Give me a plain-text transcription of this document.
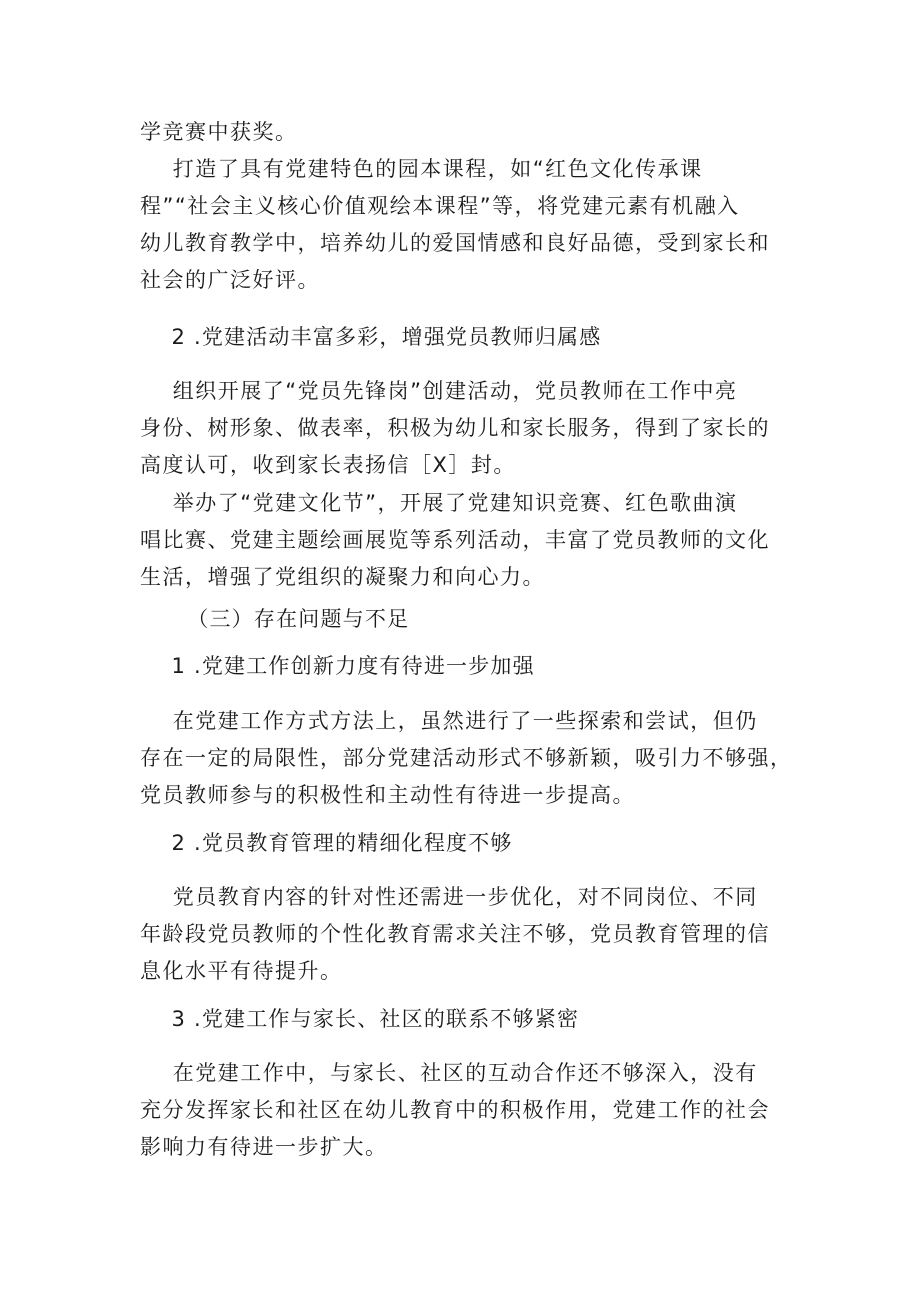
学竞赛中获奖。

打造了具有党建特色的园本课程，如“红色文化传承课
程”“社会主义核心价值观绘本课程”等，将党建元素有机融入
幼儿教育教学中，培养幼儿的爱国情感和良好品德，受到家长和
社会的广泛好评。

2 .党建活动丰富多彩，增强党员教师归属感

组织开展了“党员先锋岗”创建活动，党员教师在工作中亮
身份、树形象、做表率，积极为幼儿和家长服务，得到了家长的
高度认可，收到家长表扬信［X］封。

举办了“党建文化节”，开展了党建知识竞赛、红色歌曲演
唱比赛、党建主题绘画展览等系列活动，丰富了党员教师的文化
生活，增强了党组织的凝聚力和向心力。

（三）存在问题与不足

1 .党建工作创新力度有待进一步加强

在党建工作方式方法上，虽然进行了一些探索和尝试，但仍
存在一定的局限性，部分党建活动形式不够新颖，吸引力不够强，
党员教师参与的积极性和主动性有待进一步提高。

2 .党员教育管理的精细化程度不够

党员教育内容的针对性还需进一步优化，对不同岗位、不同
年龄段党员教师的个性化教育需求关注不够，党员教育管理的信
息化水平有待提升。

3 .党建工作与家长、社区的联系不够紧密

在党建工作中，与家长、社区的互动合作还不够深入，没有
充分发挥家长和社区在幼儿教育中的积极作用，党建工作的社会
影响力有待进一步扩大。
